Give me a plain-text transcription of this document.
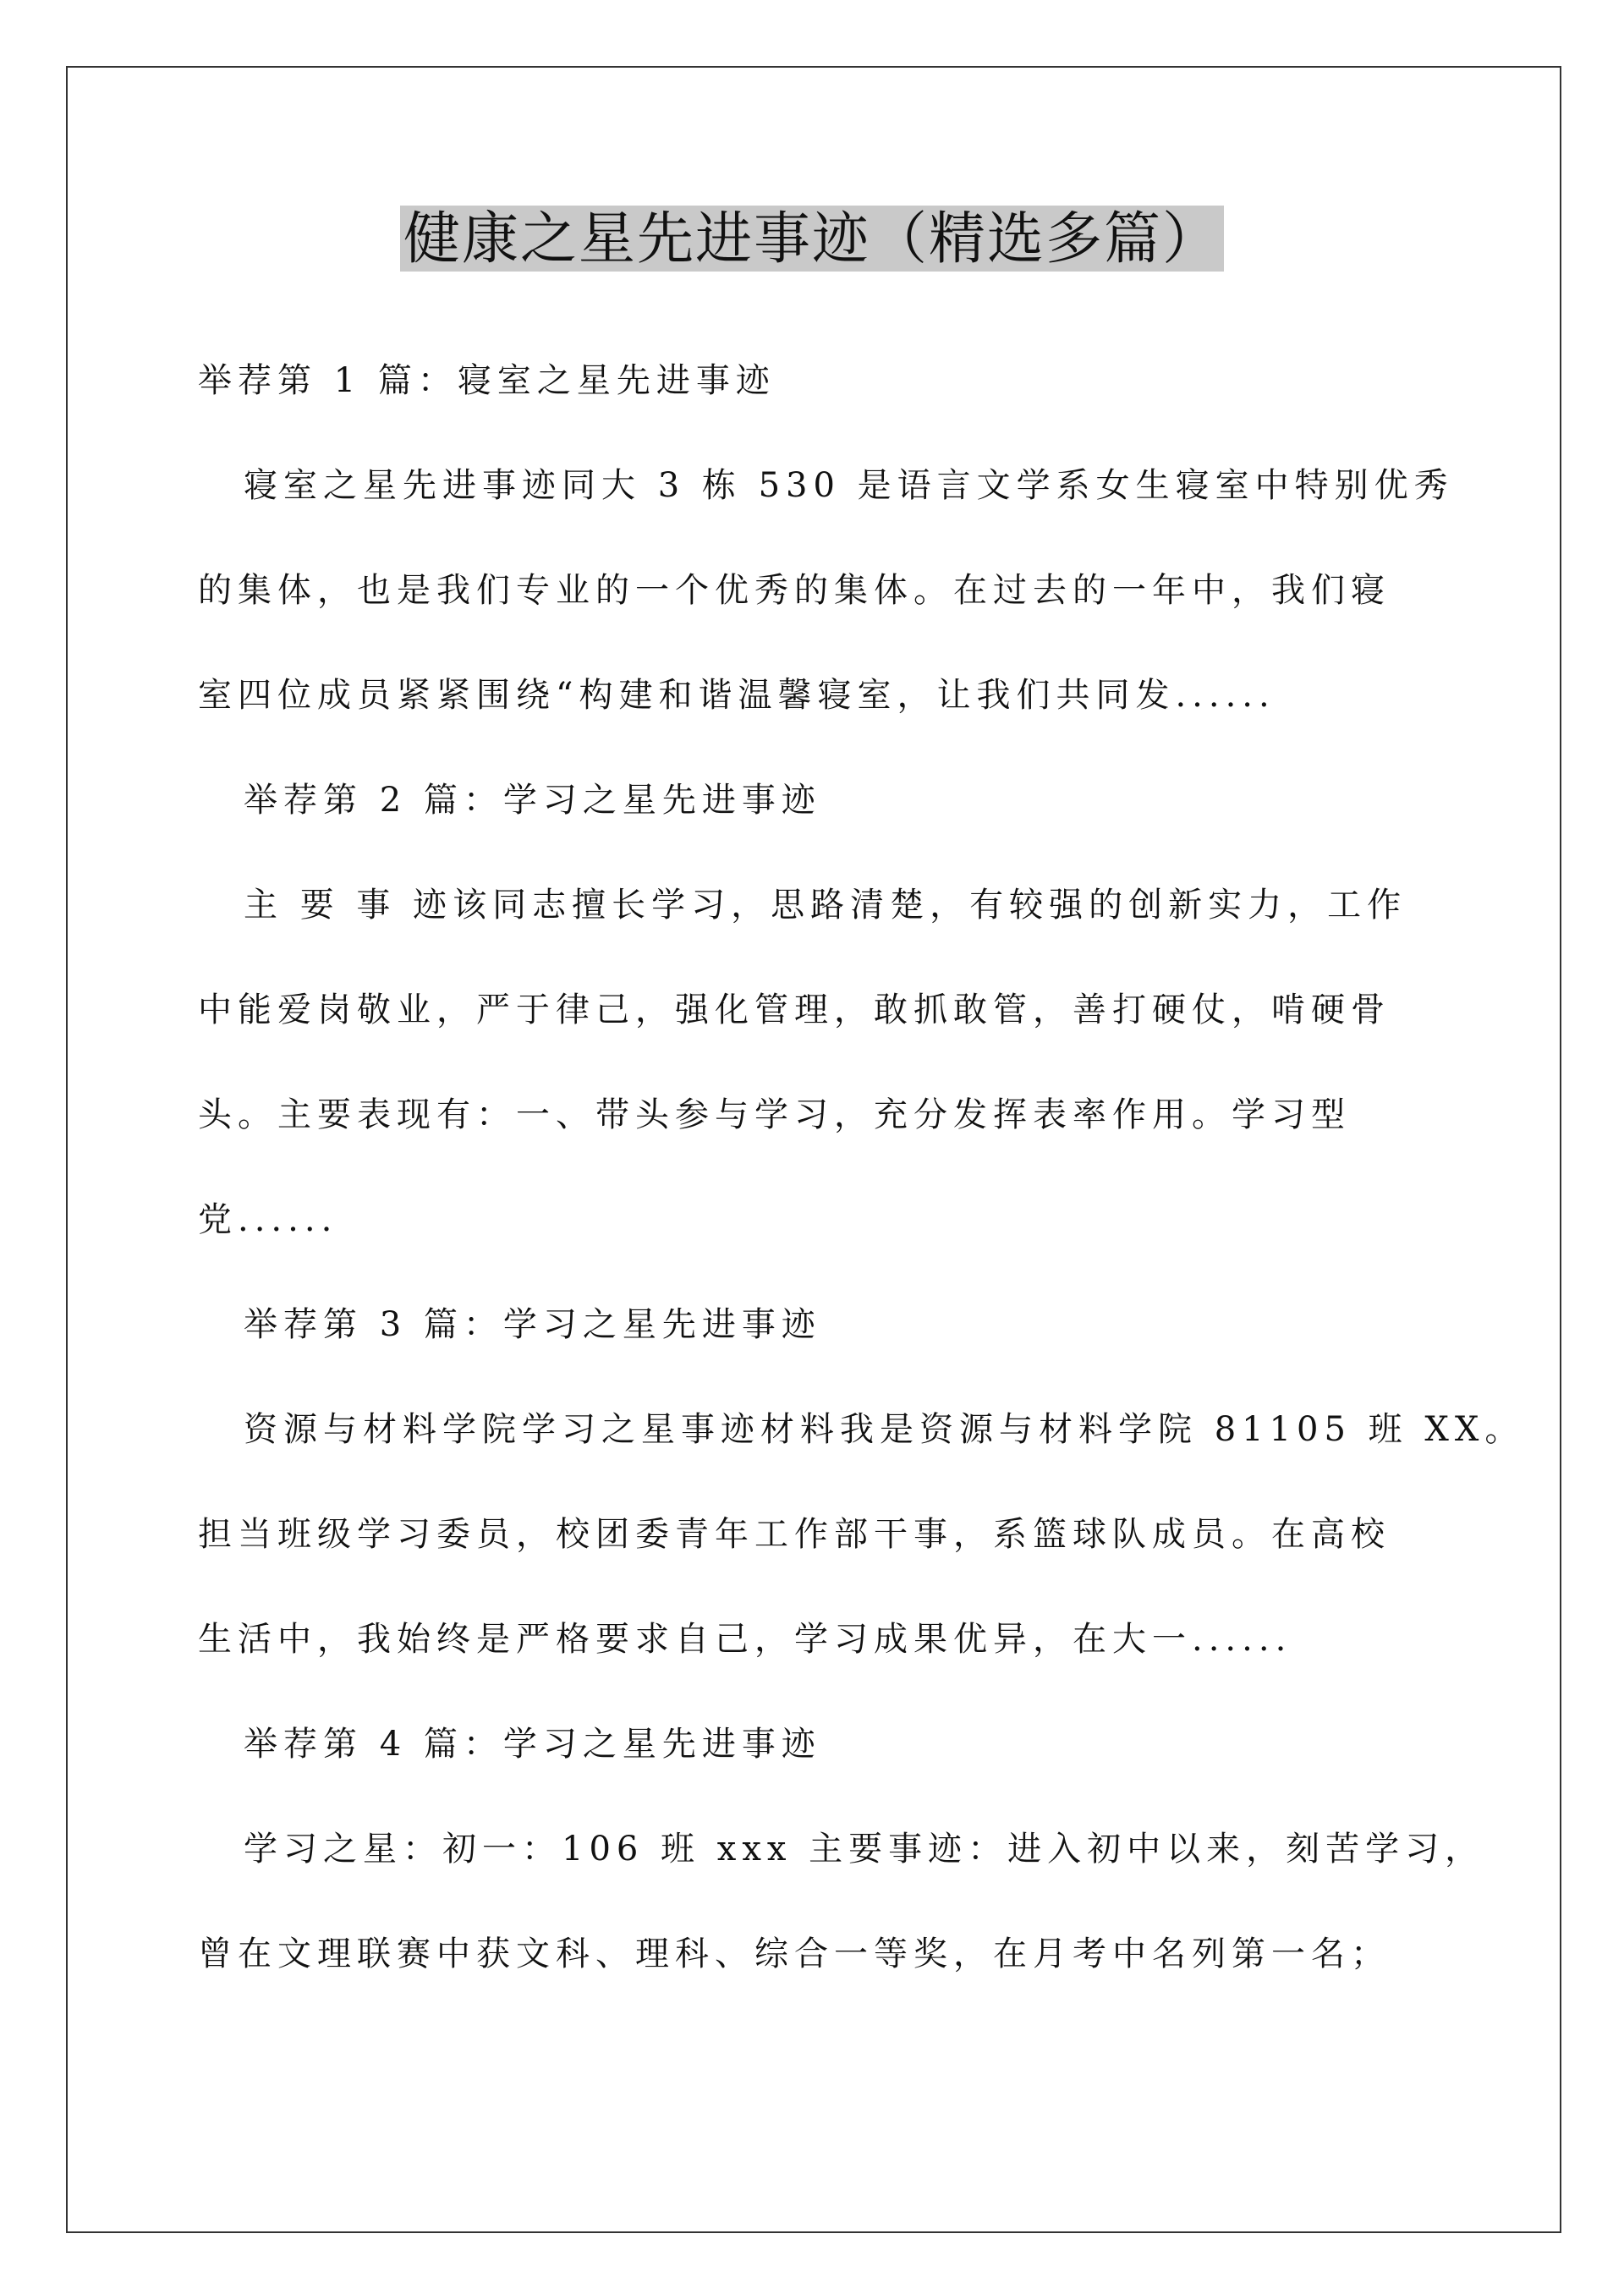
健康之星先进事迹（精选多篇）
举荐第 1 篇：寝室之星先进事迹
寝室之星先进事迹同大 3 栋 530 是语言文学系女生寝室中特别优秀
的集体，也是我们专业的一个优秀的集体。在过去的一年中，我们寝
室四位成员紧紧围绕“构建和谐温馨寝室，让我们共同发......
举荐第 2 篇：学习之星先进事迹
主 要 事 迹该同志擅长学习，思路清楚，有较强的创新实力，工作
中能爱岗敬业，严于律己，强化管理，敢抓敢管，善打硬仗，啃硬骨
头。主要表现有：一、带头参与学习，充分发挥表率作用。学习型
党......
举荐第 3 篇：学习之星先进事迹
资源与材料学院学习之星事迹材料我是资源与材料学院 81105 班 XX。
担当班级学习委员，校团委青年工作部干事，系篮球队成员。在高校
生活中，我始终是严格要求自己，学习成果优异，在大一......
举荐第 4 篇：学习之星先进事迹
学习之星：初一：106 班 xxx 主要事迹：进入初中以来，刻苦学习，
曾在文理联赛中获文科、理科、综合一等奖，在月考中名列第一名；
